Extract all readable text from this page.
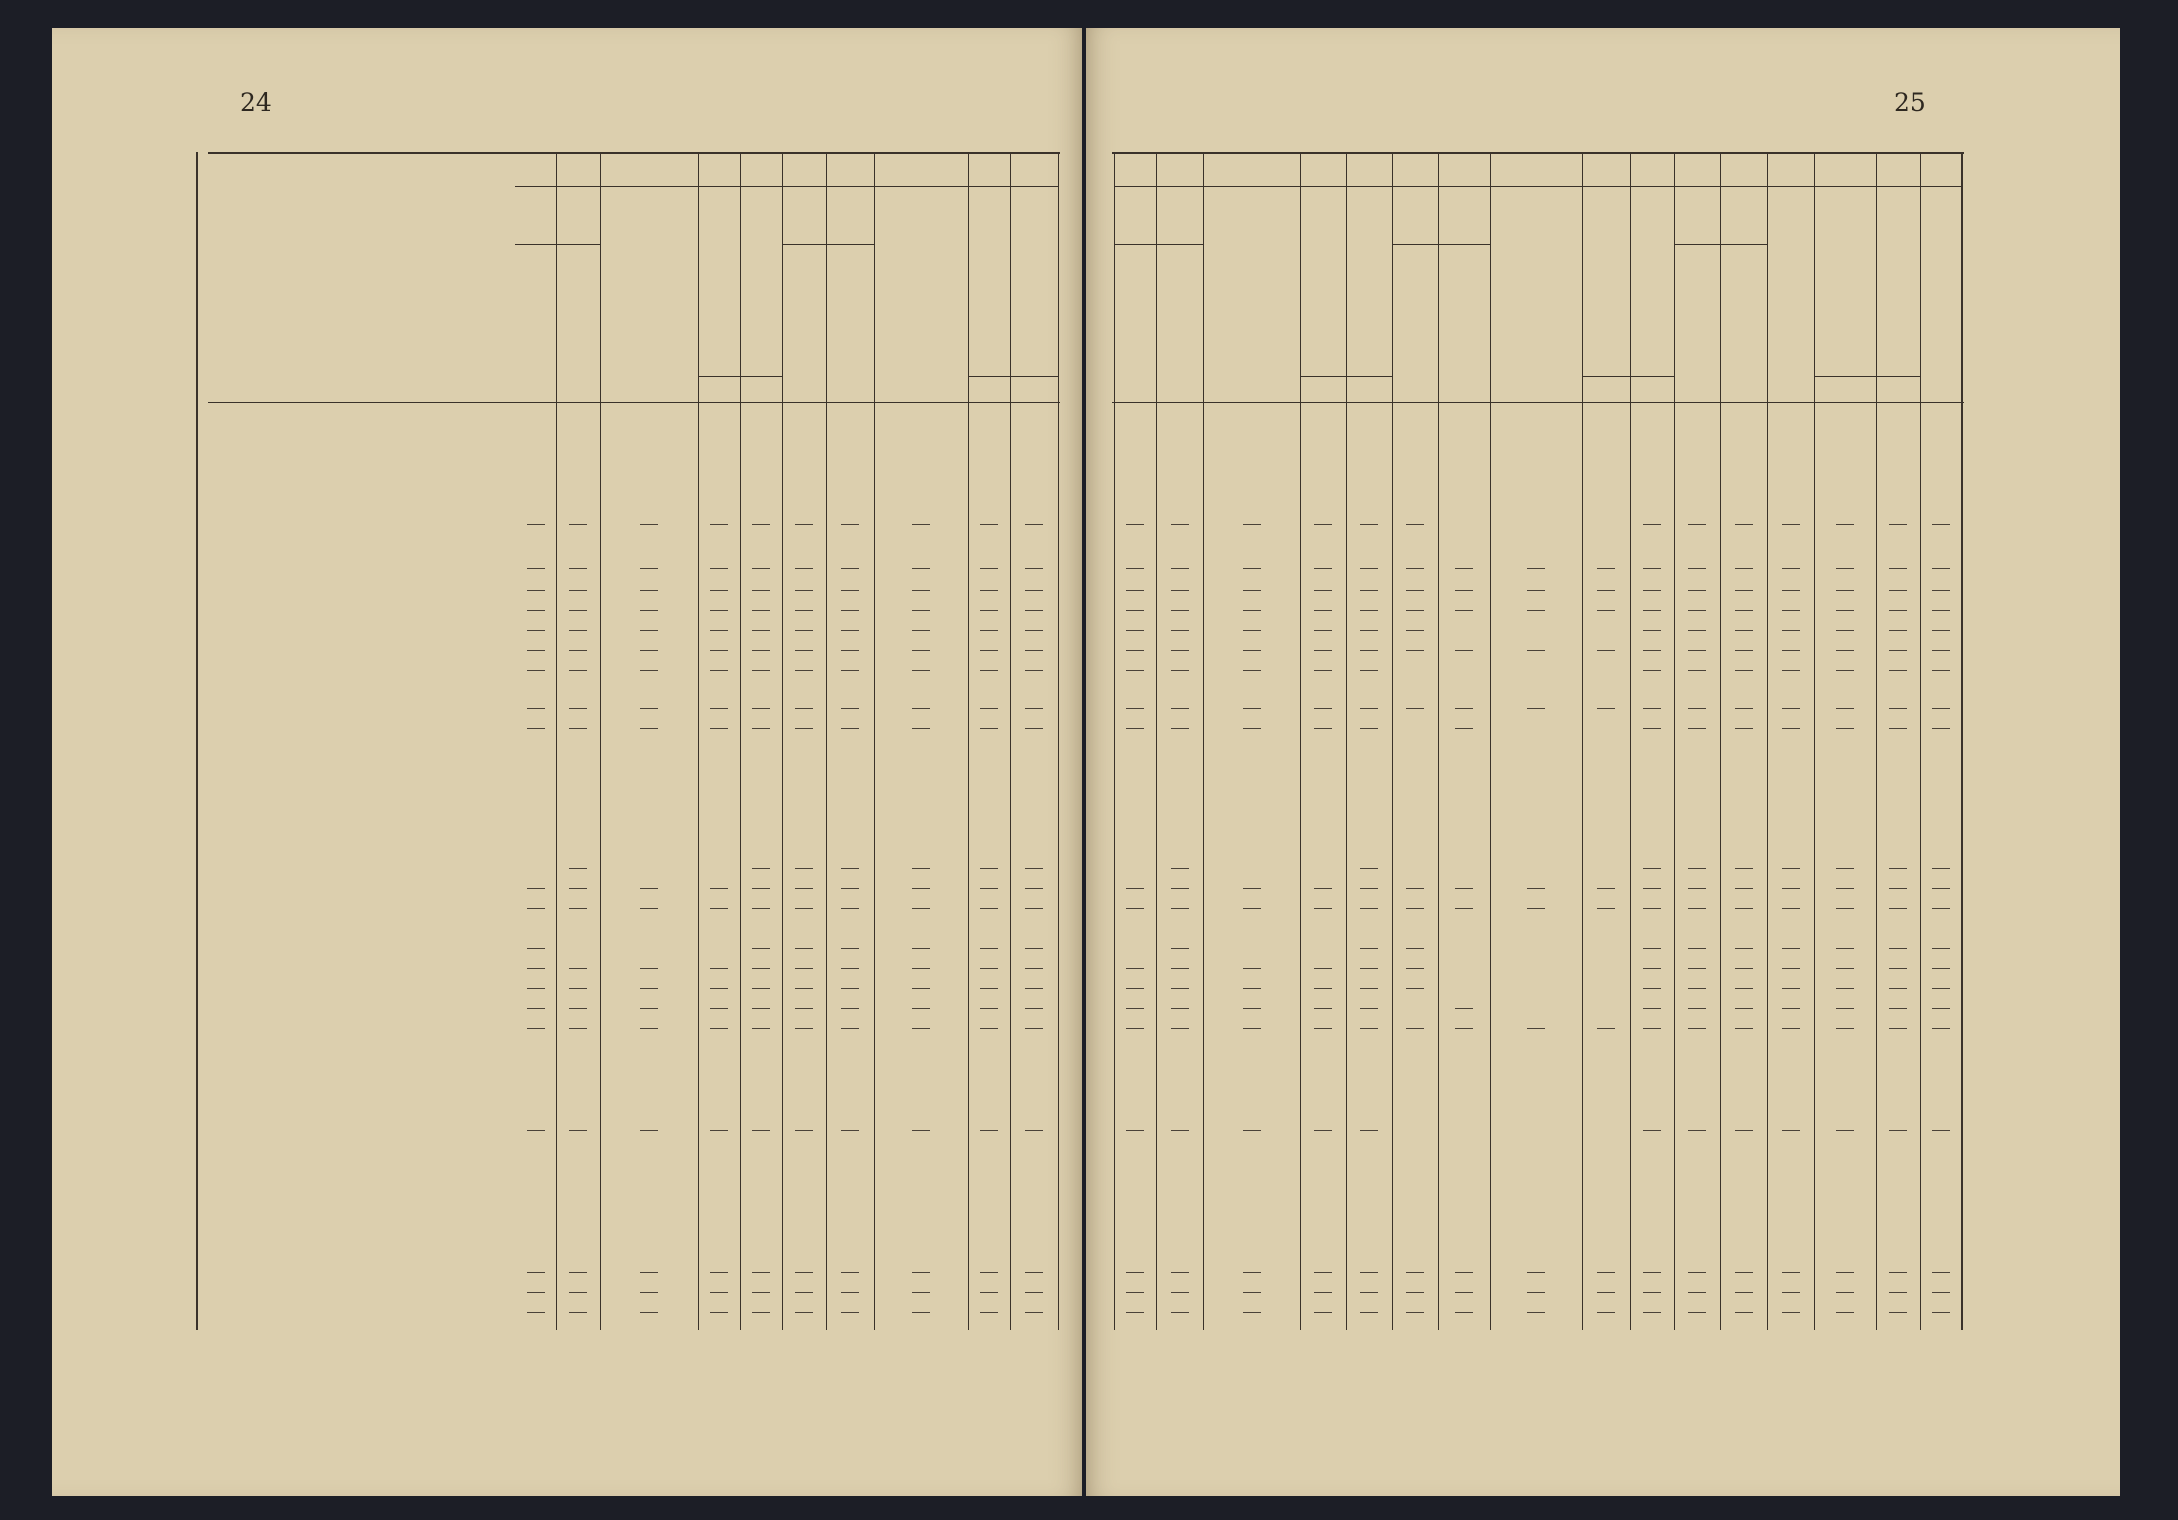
24	25
